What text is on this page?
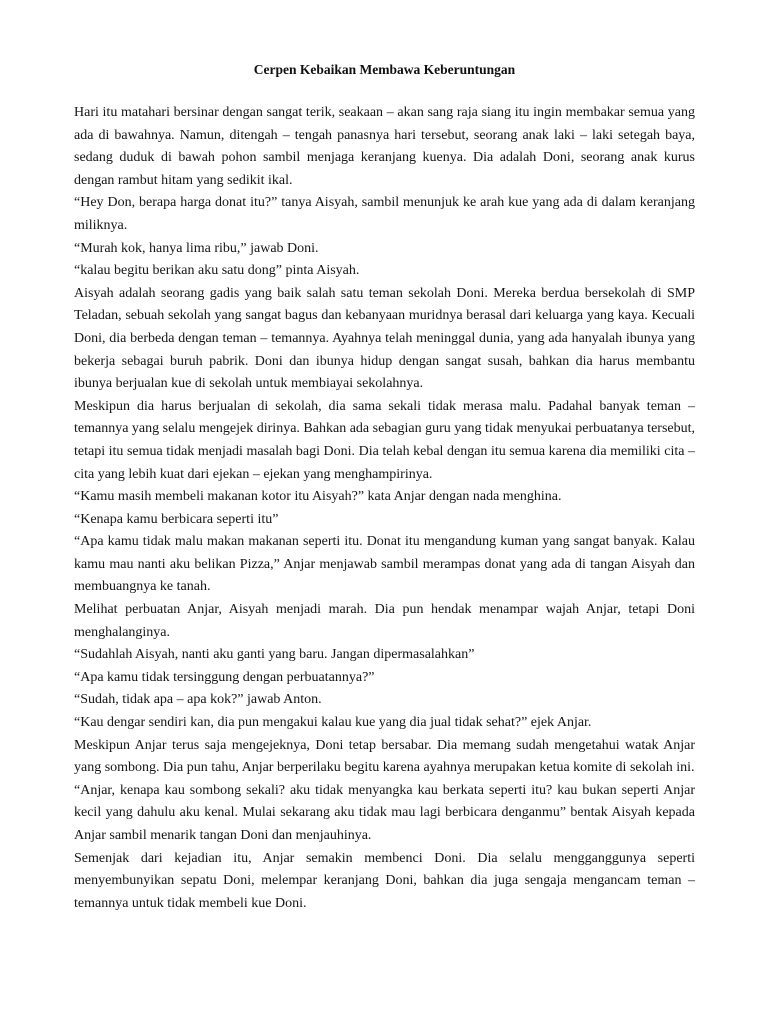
Cerpen Kebaikan Membawa Keberuntungan

Hari itu matahari bersinar dengan sangat terik, seakaan – akan sang raja siang itu ingin membakar semua yang ada di bawahnya. Namun, ditengah – tengah panasnya hari tersebut, seorang anak laki – laki setegah baya, sedang duduk di bawah pohon sambil menjaga keranjang kuenya. Dia adalah Doni, seorang anak kurus dengan rambut hitam yang sedikit ikal.

“Hey Don, berapa harga donat itu?” tanya Aisyah, sambil menunjuk ke arah kue yang ada di dalam keranjang miliknya.

“Murah kok, hanya lima ribu,” jawab Doni.

“kalau begitu berikan aku satu dong” pinta Aisyah.

Aisyah adalah seorang gadis yang baik salah satu teman sekolah Doni. Mereka berdua bersekolah di SMP Teladan, sebuah sekolah yang sangat bagus dan kebanyaan muridnya berasal dari keluarga yang kaya. Kecuali Doni, dia berbeda dengan teman – temannya. Ayahnya telah meninggal dunia, yang ada hanyalah ibunya yang bekerja sebagai buruh pabrik. Doni dan ibunya hidup dengan sangat susah, bahkan dia harus membantu ibunya berjualan kue di sekolah untuk membiayai sekolahnya.

Meskipun dia harus berjualan di sekolah, dia sama sekali tidak merasa malu. Padahal banyak teman – temannya yang selalu mengejek dirinya. Bahkan ada sebagian guru yang tidak menyukai perbuatanya tersebut, tetapi itu semua tidak menjadi masalah bagi Doni. Dia telah kebal dengan itu semua karena dia memiliki cita – cita yang lebih kuat dari ejekan – ejekan yang menghampirinya.

“Kamu masih membeli makanan kotor itu Aisyah?” kata Anjar dengan nada menghina.

“Kenapa kamu berbicara seperti itu”

“Apa kamu tidak malu makan makanan seperti itu. Donat itu mengandung kuman yang sangat banyak. Kalau kamu mau nanti aku belikan Pizza,” Anjar menjawab sambil merampas donat yang ada di tangan Aisyah dan membuangnya ke tanah.

Melihat perbuatan Anjar, Aisyah menjadi marah. Dia pun hendak menampar wajah Anjar, tetapi Doni menghalanginya.

“Sudahlah Aisyah, nanti aku ganti yang baru. Jangan dipermasalahkan”

“Apa kamu tidak tersinggung dengan perbuatannya?”

“Sudah, tidak apa – apa kok?” jawab Anton.

“Kau dengar sendiri kan, dia pun mengakui kalau kue yang dia jual tidak sehat?” ejek Anjar.

Meskipun Anjar terus saja mengejeknya, Doni tetap bersabar. Dia memang sudah mengetahui watak Anjar yang sombong. Dia pun tahu, Anjar berperilaku begitu karena ayahnya merupakan ketua komite di sekolah ini.

“Anjar, kenapa kau sombong sekali? aku tidak menyangka kau berkata seperti itu? kau bukan seperti Anjar kecil yang dahulu aku kenal. Mulai sekarang aku tidak mau lagi berbicara denganmu” bentak Aisyah kepada Anjar sambil menarik tangan Doni dan menjauhinya.

Semenjak dari kejadian itu, Anjar semakin membenci Doni. Dia selalu mengganggunya seperti menyembunyikan sepatu Doni, melempar keranjang Doni, bahkan dia juga sengaja mengancam teman – temannya untuk tidak membeli kue Doni.
